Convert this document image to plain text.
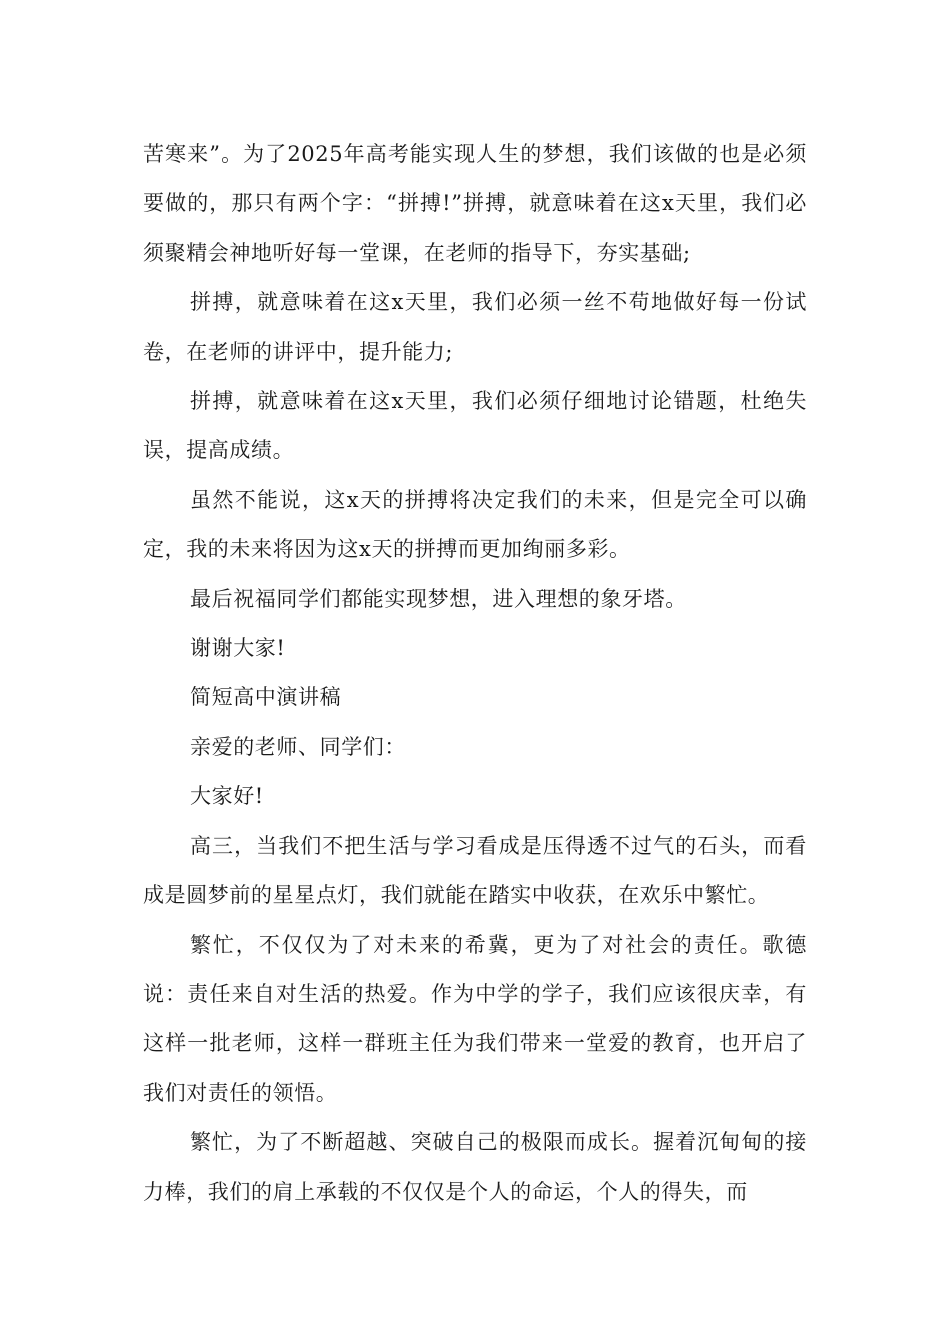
苦寒来”。为了2025年高考能实现人生的梦想，我们该做的也是必须要做的，那只有两个字：“拼搏!”拼搏，就意味着在这x天里，我们必须聚精会神地听好每一堂课，在老师的指导下，夯实基础;

拼搏，就意味着在这x天里，我们必须一丝不苟地做好每一份试卷，在老师的讲评中，提升能力;

拼搏，就意味着在这x天里，我们必须仔细地讨论错题，杜绝失误，提高成绩。

虽然不能说，这x天的拼搏将决定我们的未来，但是完全可以确定，我的未来将因为这x天的拼搏而更加绚丽多彩。

最后祝福同学们都能实现梦想，进入理想的象牙塔。

谢谢大家!

简短高中演讲稿

亲爱的老师、同学们：

大家好!

高三，当我们不把生活与学习看成是压得透不过气的石头，而看成是圆梦前的星星点灯，我们就能在踏实中收获，在欢乐中繁忙。

繁忙，不仅仅为了对未来的希冀，更为了对社会的责任。歌德说：责任来自对生活的热爱。作为中学的学子，我们应该很庆幸，有这样一批老师，这样一群班主任为我们带来一堂爱的教育，也开启了我们对责任的领悟。

繁忙，为了不断超越、突破自己的极限而成长。握着沉甸甸的接力棒，我们的肩上承载的不仅仅是个人的命运，个人的得失，而
